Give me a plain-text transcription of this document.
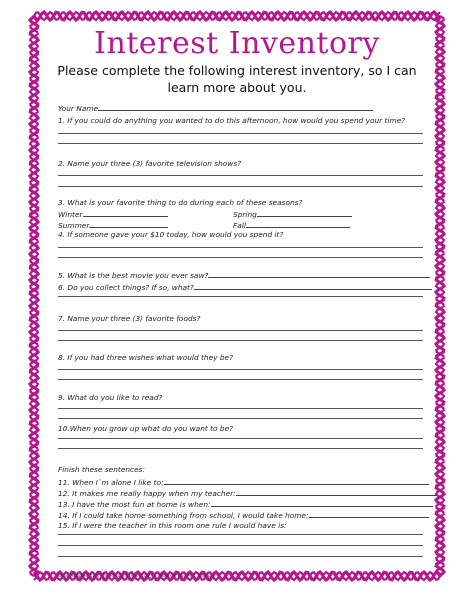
Interest Inventory
Please complete the following interest inventory, so I can learn more about you.
Your Name
1. If you could do anything you wanted to do this afternoon, how would you spend your time?
2. Name your three (3) favorite television shows?
3. What is your favorite thing to do during each of these seasons?
Winter	Spring
Summer	Fall
4. If someone gave your $10 today, how would you spend it?
5. What is the best movie you ever saw?
6. Do you collect things? If so, what?
7. Name your three (3) favorite foods?
8. If you had three wishes what would they be?
9. What do you like to read?
10.When you grow up what do you want to be?
Finish these sentences:
11. When I`m alone I like to:
12. It makes me really happy when my teacher:
13. I have the most fun at home is when:
14. If I could take home something from school, I would take home:
15. If I were the teacher in this room one rule I would have is:
Note: Adapted from The Resource Room by J. F Hawkner and M. L. Calhoun
